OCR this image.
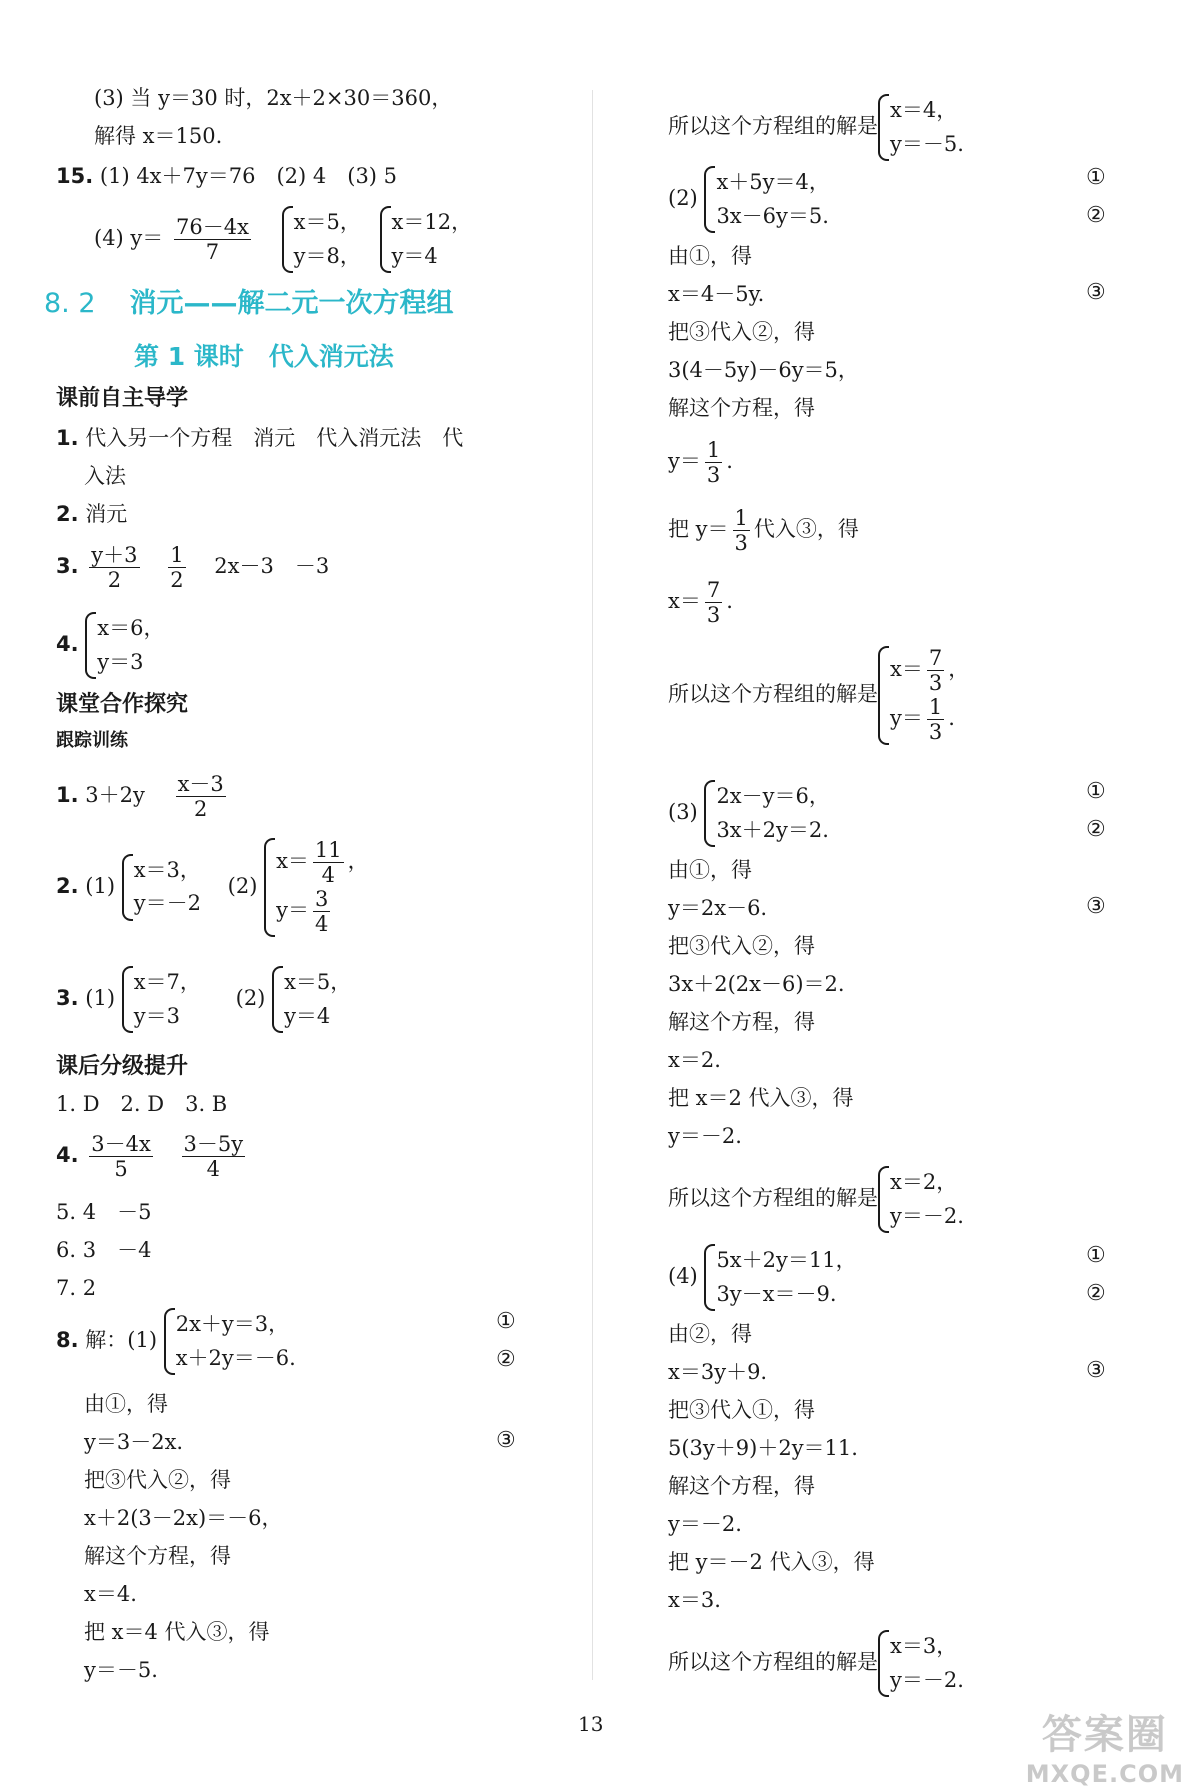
(3) 当 y＝30 时，2x＋2×30＝360，
解得 x＝150.
15. (1) 4x＋7y＝76　(2) 4　(3) 5
(4) $y= \frac{76-4x}{7}$
x＝5，
y＝8，

x＝12，
y＝4
8. 2 消元——解二元一次方程组
第 1 课时　代入消元法
课前自主导学
1. 代入另一个方程　消元　代入消元法　代
入法
2. 消元
3. $\frac{y+3}{2}$
$\frac{1}{2} 2x-3$　－3
4.
x＝6，
y＝3
课堂合作探究
跟踪训练
1. $3+2y \frac{x-3}{2}$
2. (1)
x＝3，
y＝－2
(2)
$x= \frac{11}{4}$ ，
$y= \frac{3}{4}$
3. (1)
x＝7，
y＝3
(2)
x＝5，
y＝4
课后分级提升
1. D　2. D　3. B
4. $\frac{3-4x}{5}$
$\frac{3-5y}{4}$
5. 4　－5
6. 3　－4
7. 2
8. 解：(1)
2x＋y＝3，
x＋2y＝－6.
①
②
由①，得
y＝3－2x.	③
把③代入②，得
x＋2(3－2x)＝－6，
解这个方程，得
x＝4.
把 x＝4 代入③，得
y＝－5.
所以这个方程组的解是
x＝4，
y＝－5.
(2)
x＋5y＝4，
3x－6y＝5.
①
②
由①，得
x＝4－5y.	③
把③代入②，得
3(4－5y)－6y＝5，
解这个方程，得
$y= \frac{1}{3}$ .
把 $y= \frac{1}{3}$ 代入③，得
$x= \frac{7}{3}$ .
所以这个方程组的解是
$x= \frac{7}{3}$ ，
$y= \frac{1}{3}$ .
(3)
2x－y＝6，
3x＋2y＝2.
①
②
由①，得
y＝2x－6.	③
把③代入②，得
3x＋2(2x－6)＝2.
解这个方程，得
x＝2.
把 x＝2 代入③，得
y＝－2.
所以这个方程组的解是
x＝2，
y＝－2.
(4)
5x＋2y＝11，
3y－x＝－9.
①
②
由②，得
x＝3y＋9.	③
把③代入①，得
5(3y＋9)＋2y＝11.
解这个方程，得
y＝－2.
把 y＝－2 代入③，得
x＝3.
所以这个方程组的解是
x＝3，
y＝－2.
13	答案圈
MXQE.COM
